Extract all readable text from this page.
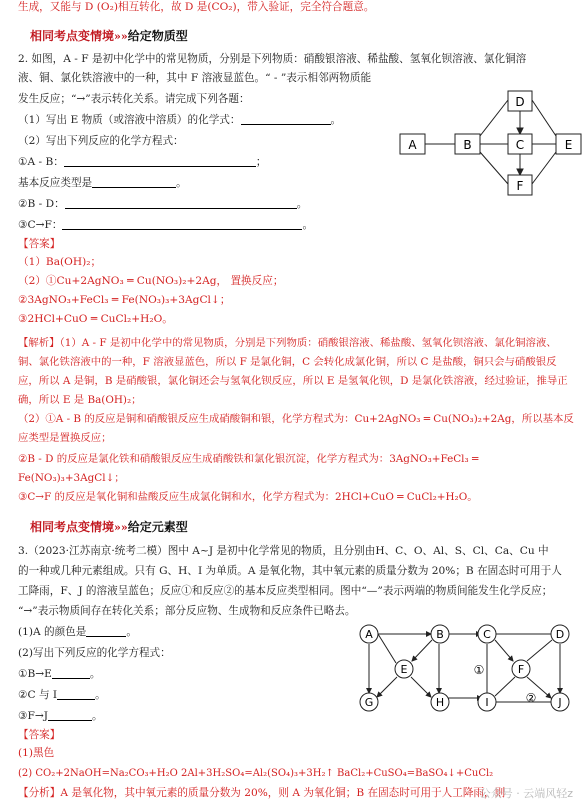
生成，又能与 D (O₂)相互转化，故 D 是(CO₂)，带入验证，完全符合题意。
相同考点变情境»»给定物质型
2. 如图，A - F 是初中化学中的常见物质，分别是下列物质：硝酸银溶液、稀盐酸、氢氧化钡溶液、氯化铜溶
液、铜、氯化铁溶液中的一种，其中 F 溶液显蓝色。“ - ”表示相邻两物质能
发生反应；“→”表示转化关系。请完成下列各题：
（1）写出 E 物质（或溶液中溶质）的化学式：	。
（2）写出下列反应的化学方程式：
①A - B：	；
基本反应类型是	。
②B - D：	。
③C→F：	。
A	B	C
D
E
F
【答案】
（1）Ba(OH)₂；
（2）①Cu+2AgNO₃ ═ Cu(NO₃)₂+2Ag， 置换反应；
②3AgNO₃+FeCl₃ ═ Fe(NO₃)₃+3AgCl↓；
③2HCl+CuO ═ CuCl₂+H₂O。
【解析】（1）A - F 是初中化学中的常见物质，分别是下列物质：硝酸银溶液、稀盐酸、氢氧化钡溶液、氯化铜溶液、铜、氯化铁溶液中的一种，F 溶液显蓝色，所以 F 是氯化铜，C 会转化成氯化铜，所以 C 是盐酸，铜只会与硝酸银反应，所以 A 是铜，B 是硝酸银，氯化铜还会与氢氧化钡反应，所以 E 是氢氧化钡，D 是氯化铁溶液，经过验证，推导正确，所以 E 是 Ba(OH)₂；
（2）①A - B 的反应是铜和硝酸银反应生成硝酸铜和银，化学方程式为：Cu+2AgNO₃ ═ Cu(NO₃)₂+2Ag，所以基本反应类型是置换反应；
②B - D 的反应是氯化铁和硝酸银反应生成硝酸铁和氯化银沉淀，化学方程式为：3AgNO₃+FeCl₃ ═ Fe(NO₃)₃+3AgCl↓；
③C→F 的反应是氧化铜和盐酸反应生成氯化铜和水，化学方程式为：2HCl+CuO ═ CuCl₂+H₂O。
相同考点变情境»»给定元素型
3.（2023·江苏南京·统考二模）图中 A~J 是初中化学常见的物质，且分别由H、C、O、Al、S、Cl、Ca、Cu 中
的一种或几种元素组成。只有 G、H、I 为单质。A 是氧化物，其中氧元素的质量分数为 20%；B 在固态时可用于人
工降雨，F、J 的溶液呈蓝色；反应①和反应②的基本反应类型相同。图中“—”表示两端的物质间能发生化学反应；
“→”表示物质间存在转化关系；部分反应物、生成物和反应条件已略去。
(1)A 的颜色是	。
(2)写出下列反应的化学方程式：
①B→E	。
②C 与 I	。
③F→J	。
A	B	C	D
E	F
G	H	I	J
①
②
【答案】
(1)黑色
(2) CO₂+2NaOH=Na₂CO₃+H₂O 2Al+3H₂SO₄=Al₂(SO₄)₃+3H₂↑ BaCl₂+CuSO₄=BaSO₄↓+CuCl₂
【分析】A 是氧化物，其中氧元素的质量分数为 20%，则 A 为氧化铜；B 在固态时可用于人工降雨，则
公众号 · 云端风轻z
